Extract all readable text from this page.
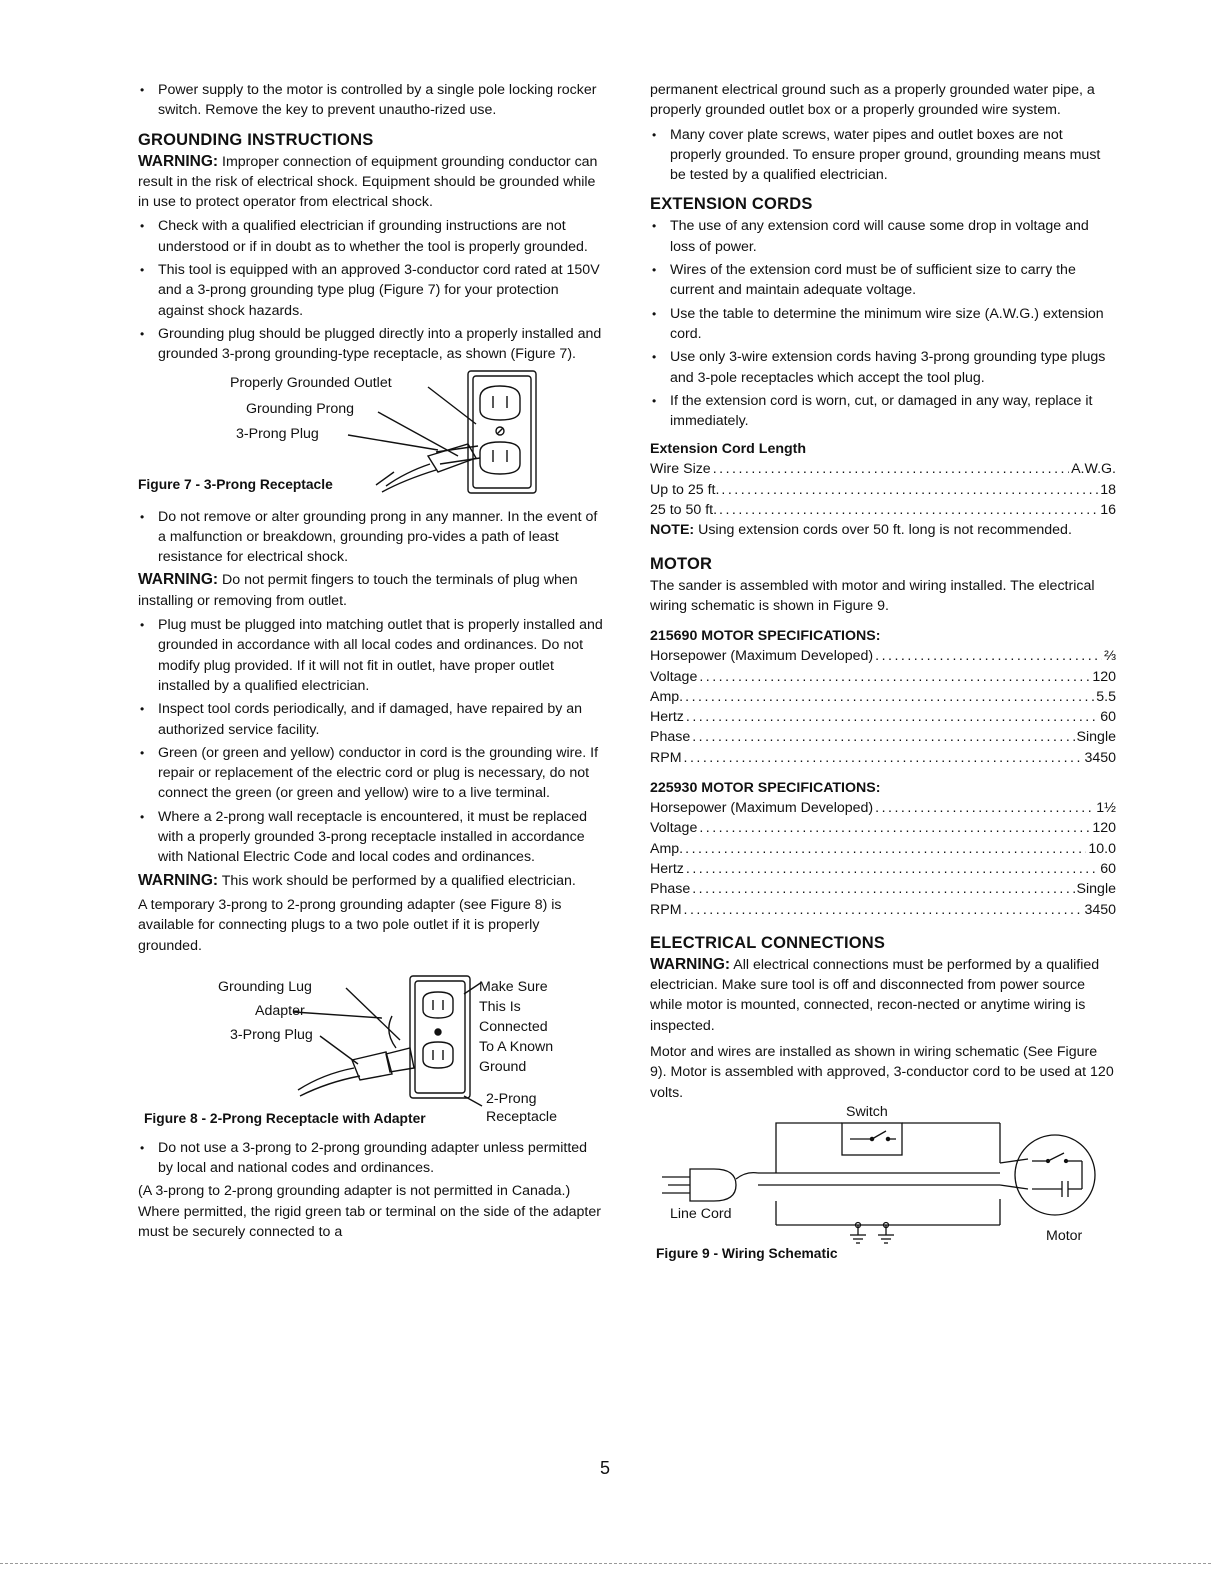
• Power supply to the motor is controlled by a single pole locking rocker switch. Remove the key to prevent unautho-rized use.
GROUNDING INSTRUCTIONS

WARNING: Improper connection of equipment grounding conductor can result in the risk of electrical shock. Equipment should be grounded while in use to protect operator from electrical shock.

• Check with a qualified electrician if grounding instructions are not understood or if in doubt as to whether the tool is properly grounded.
• This tool is equipped with an approved 3-conductor cord rated at 150V and a 3-prong grounding type plug (Figure 7) for your protection against shock hazards.
• Grounding plug should be plugged directly into a properly installed and grounded 3-prong grounding-type receptacle, as shown (Figure 7).
Properly Grounded Outlet
Grounding Prong
3-Prong Plug
Figure 7 - 3-Prong Receptacle
• Do not remove or alter grounding prong in any manner. In the event of a malfunction or breakdown, grounding pro-vides a path of least resistance for electrical shock.

WARNING: Do not permit fingers to touch the terminals of plug when installing or removing from outlet.

• Plug must be plugged into matching outlet that is properly installed and grounded in accordance with all local codes and ordinances. Do not modify plug provided. If it will not fit in outlet, have proper outlet installed by a qualified electrician.
• Inspect tool cords periodically, and if damaged, have repaired by an authorized service facility.
• Green (or green and yellow) conductor in cord is the grounding wire. If repair or replacement of the electric cord or plug is necessary, do not connect the green (or green and yellow) wire to a live terminal.
• Where a 2-prong wall receptacle is encountered, it must be replaced with a properly grounded 3-prong receptacle installed in accordance with National Electric Code and local codes and ordinances.

WARNING: This work should be performed by a qualified electrician.

A temporary 3-prong to 2-prong grounding adapter (see Figure 8) is available for connecting plugs to a two pole outlet if it is properly grounded.

Grounding Lug
Adapter
3-Prong Plug
Make Sure
This Is
Connected
To A Known
Ground
2-Prong
Figure 8 - 2-Prong Receptacle with Adapter	Receptacle
• Do not use a 3-prong to 2-prong grounding adapter unless permitted by local and national codes and ordinances.

(A 3-prong to 2-prong grounding adapter is not permitted in Canada.) Where permitted, the rigid green tab or terminal on the side of the adapter must be securely connected to a

permanent electrical ground such as a properly grounded water pipe, a properly grounded outlet box or a properly grounded wire system.

• Many cover plate screws, water pipes and outlet boxes are not properly grounded. To ensure proper ground, grounding means must be tested by a qualified electrician.
EXTENSION CORDS
• The use of any extension cord will cause some drop in voltage and loss of power.
• Wires of the extension cord must be of sufficient size to carry the current and maintain adequate voltage.
• Use the table to determine the minimum wire size (A.W.G.) extension cord.
• Use only 3-wire extension cords having 3-prong grounding type plugs and 3-pole receptacles which accept the tool plug.
• If the extension cord is worn, cut, or damaged in any way, replace it immediately.
Extension Cord Length
Wire Size .....	A.W.G.
Up to 25 ft. .....	18
25 to 50 ft. .....	16

NOTE: Using extension cords over 50 ft. long is not recommended.

MOTOR

The sander is assembled with motor and wiring installed. The electrical wiring schematic is shown in Figure 9.

215690 MOTOR SPECIFICATIONS:
Horsepower (Maximum Developed) .....	⅔
Voltage .....	120
Amp. .....	5.5
Hertz .....	60
Phase .....	Single
RPM .....	3450
225930 MOTOR SPECIFICATIONS:
Horsepower (Maximum Developed) .....	1½
Voltage .....	120
Amp. .....	10.0
Hertz .....	60
Phase .....	Single
RPM .....	3450
ELECTRICAL CONNECTIONS

WARNING: All electrical connections must be performed by a qualified electrician. Make sure tool is off and disconnected from power source while motor is mounted, connected, recon-nected or anytime wiring is inspected.

Motor and wires are installed as shown in wiring schematic (See Figure 9). Motor is assembled with approved, 3-conductor cord to be used at 120 volts.

Switch
Line Cord
Motor
Figure 9 - Wiring Schematic
5
